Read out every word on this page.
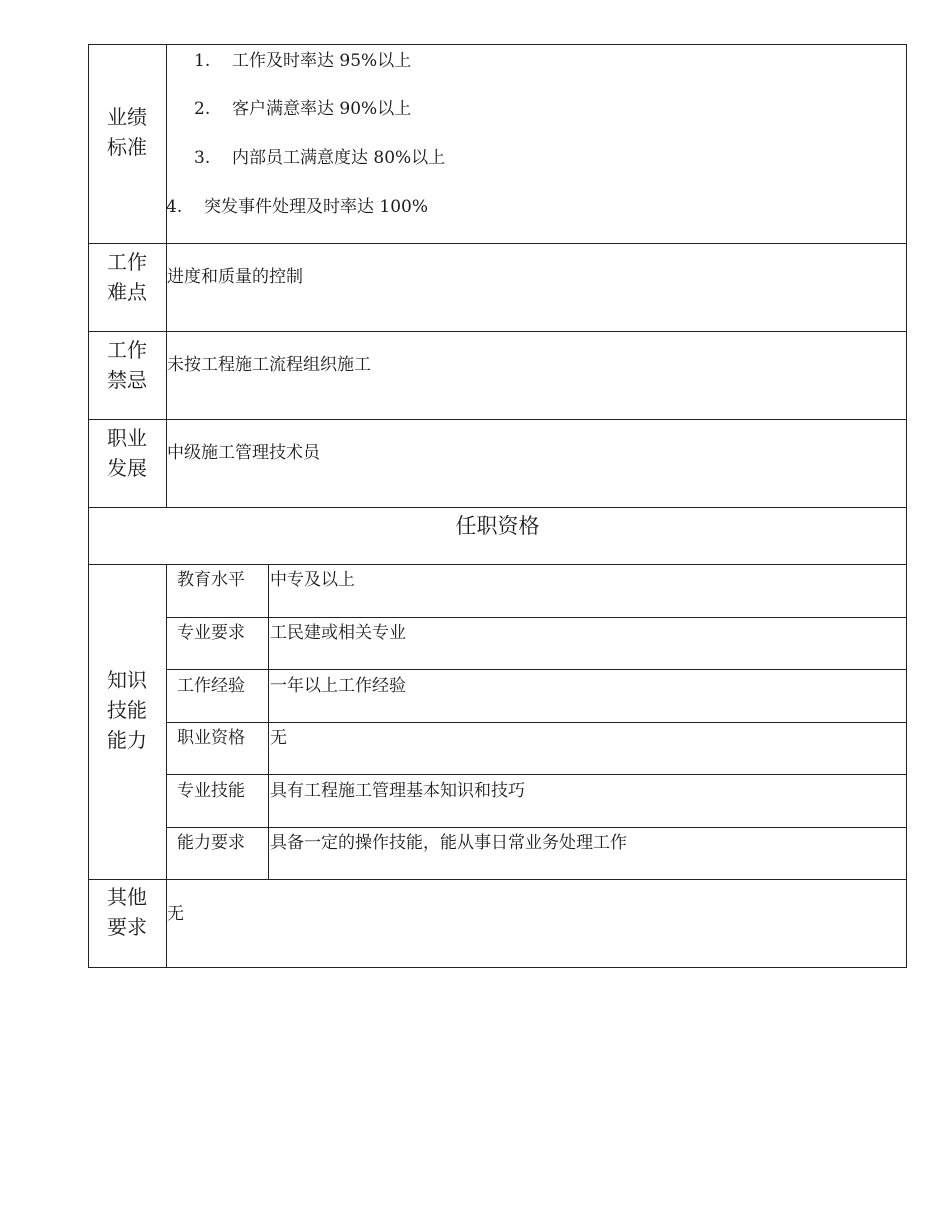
业绩
标准
1. 工作及时率达 95%以上
2. 客户满意率达 90%以上
3. 内部员工满意度达 80%以上
4. 突发事件处理及时率达 100%
工作
难点
进度和质量的控制
工作
禁忌
未按工程施工流程组织施工
职业
发展
中级施工管理技术员
任职资格
知识
技能
能力
教育水平 中专及以上
专业要求 工民建或相关专业
工作经验 一年以上工作经验
职业资格 无
专业技能 具有工程施工管理基本知识和技巧
能力要求 具备一定的操作技能，能从事日常业务处理工作
其他
要求
无
